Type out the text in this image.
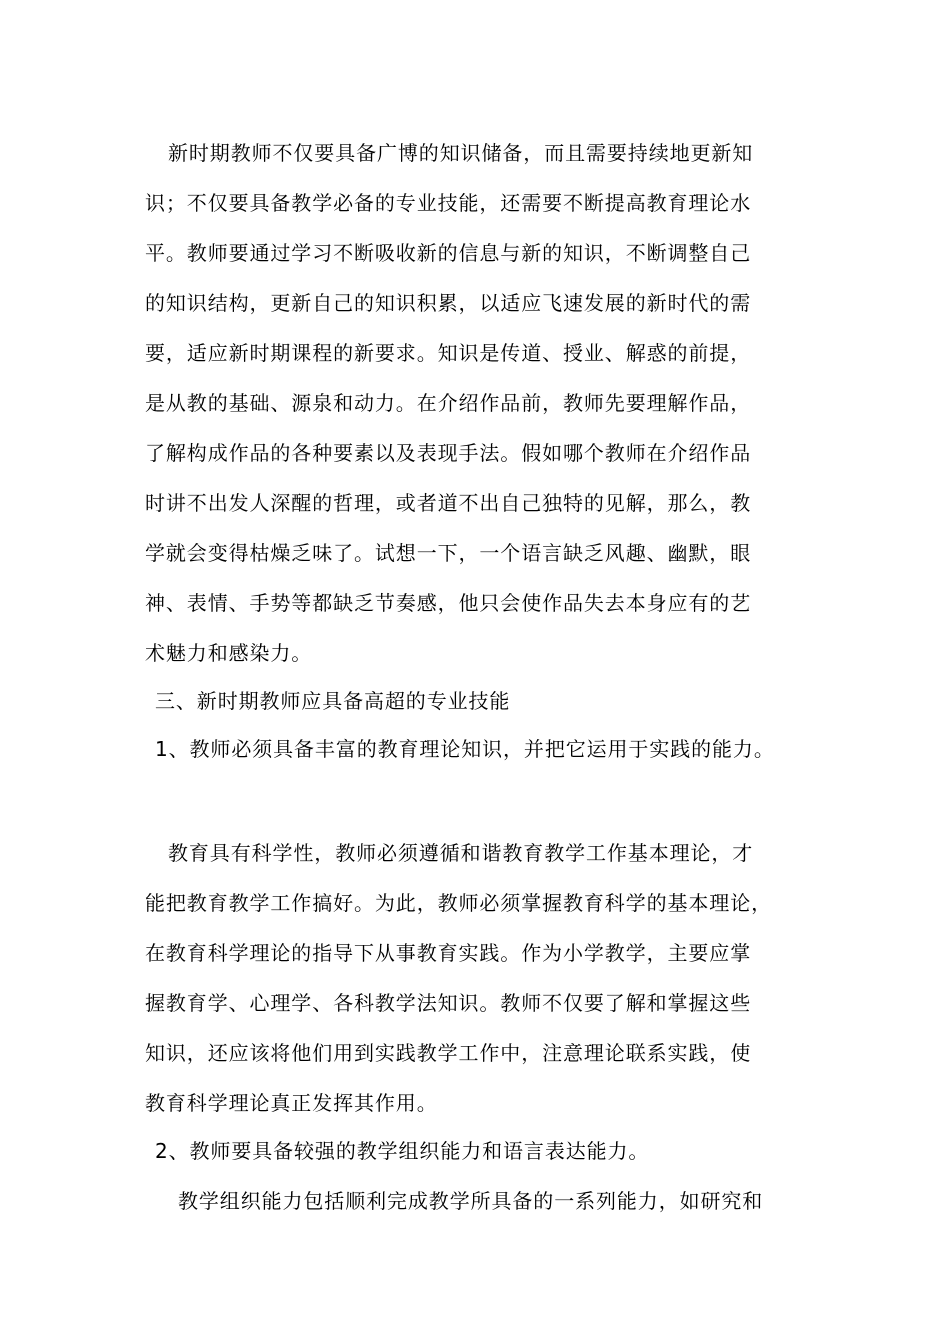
新时期教师不仅要具备广博的知识储备，而且需要持续地更新知
识；不仅要具备教学必备的专业技能，还需要不断提高教育理论水
平。教师要通过学习不断吸收新的信息与新的知识，不断调整自己
的知识结构，更新自己的知识积累，以适应飞速发展的新时代的需
要，适应新时期课程的新要求。知识是传道、授业、解惑的前提，
是从教的基础、源泉和动力。在介绍作品前，教师先要理解作品，
了解构成作品的各种要素以及表现手法。假如哪个教师在介绍作品
时讲不出发人深醒的哲理，或者道不出自己独特的见解，那么，教
学就会变得枯燥乏味了。试想一下，一个语言缺乏风趣、幽默，眼
神、表情、手势等都缺乏节奏感，他只会使作品失去本身应有的艺
术魅力和感染力。
三、新时期教师应具备高超的专业技能
1、教师必须具备丰富的教育理论知识，并把它运用于实践的能力。
教育具有科学性，教师必须遵循和谐教育教学工作基本理论，才
能把教育教学工作搞好。为此，教师必须掌握教育科学的基本理论，
在教育科学理论的指导下从事教育实践。作为小学教学，主要应掌
握教育学、心理学、各科教学法知识。教师不仅要了解和掌握这些
知识，还应该将他们用到实践教学工作中，注意理论联系实践，使
教育科学理论真正发挥其作用。
2、教师要具备较强的教学组织能力和语言表达能力。
教学组织能力包括顺利完成教学所具备的一系列能力，如研究和
